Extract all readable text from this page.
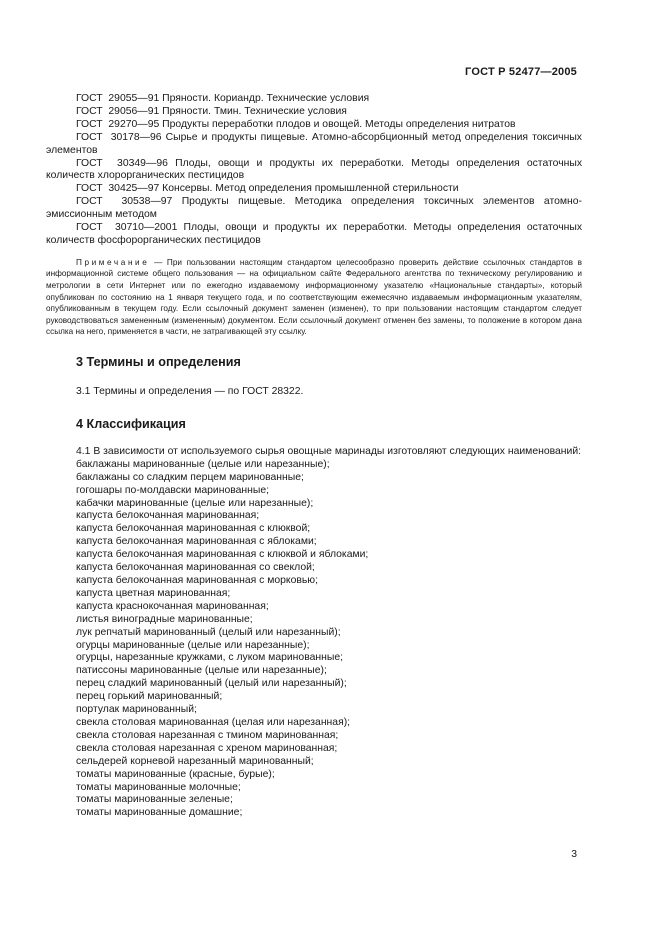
ГОСТ Р 52477—2005
ГОСТ  29055—91 Пряности. Кориандр. Технические условия
ГОСТ  29056—91 Пряности. Тмин. Технические условия
ГОСТ  29270—95 Продукты переработки плодов и овощей. Методы определения нитратов
ГОСТ  30178—96 Сырье и продукты пищевые. Атомно-абсорбционный метод определения токсичных элементов
ГОСТ  30349—96 Плоды, овощи и продукты их переработки. Методы определения остаточных количеств хлорорганических пестицидов
ГОСТ  30425—97 Консервы. Метод определения промышленной стерильности
ГОСТ  30538—97 Продукты пищевые. Методика определения токсичных элементов атомно-эмиссионным методом
ГОСТ  30710—2001 Плоды, овощи и продукты их переработки. Методы определения остаточных количеств фосфорорганических пестицидов
Примечание — При пользовании настоящим стандартом целесообразно проверить действие ссылочных стандартов в информационной системе общего пользования — на официальном сайте Федерального агентства по техническому регулированию и метрологии в сети Интернет или по ежегодно издаваемому информационному указателю «Национальные стандарты», который опубликован по состоянию на 1 января текущего года, и по соответствующим ежемесячно издаваемым информационным указателям, опубликованным в текущем году. Если ссылочный документ заменен (изменен), то при пользовании настоящим стандартом следует руководствоваться замененным (измененным) документом. Если ссылочный документ отменен без замены, то положение в котором дана ссылка на него, применяется в части, не затрагивающей эту ссылку.
3 Термины и определения
3.1 Термины и определения — по ГОСТ 28322.
4 Классификация
4.1 В зависимости от используемого сырья овощные маринады изготовляют следующих наименований:
баклажаны маринованные (целые или нарезанные);
баклажаны со сладким перцем маринованные;
гогошары по-молдавски маринованные;
кабачки маринованные (целые или нарезанные);
капуста белокочанная маринованная;
капуста белокочанная маринованная с клюквой;
капуста белокочанная маринованная с яблоками;
капуста белокочанная маринованная с клюквой и яблоками;
капуста белокочанная маринованная со свеклой;
капуста белокочанная маринованная с морковью;
капуста цветная маринованная;
капуста краснокочанная маринованная;
листья виноградные маринованные;
лук репчатый маринованный (целый или нарезанный);
огурцы маринованные (целые или нарезанные);
огурцы, нарезанные кружками, с луком маринованные;
патиссоны маринованные (целые или нарезанные);
перец сладкий маринованный (целый или нарезанный);
перец горький маринованный;
портулак маринованный;
свекла столовая маринованная (целая или нарезанная);
свекла столовая нарезанная с тмином маринованная;
свекла столовая нарезанная с хреном маринованная;
сельдерей корневой нарезанный маринованный;
томаты маринованные (красные, бурые);
томаты маринованные молочные;
томаты маринованные зеленые;
томаты маринованные домашние;
3
